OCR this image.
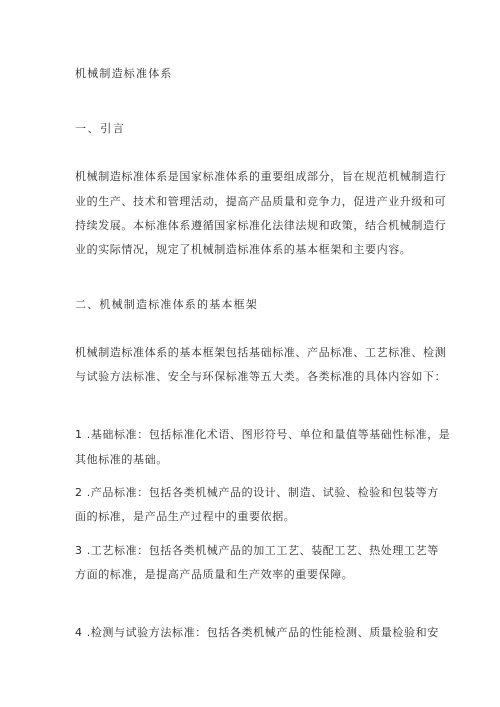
机械制造标准体系
一、引言
机械制造标准体系是国家标准体系的重要组成部分，旨在规范机械制造行
业的生产、技术和管理活动，提高产品质量和竞争力，促进产业升级和可
持续发展。本标准体系遵循国家标准化法律法规和政策，结合机械制造行
业的实际情况，规定了机械制造标准体系的基本框架和主要内容。
二、机械制造标准体系的基本框架
机械制造标准体系的基本框架包括基础标准、产品标准、工艺标准、检测
与试验方法标准、安全与环保标准等五大类。各类标准的具体内容如下：
1 .基础标准：包括标准化术语、图形符号、单位和量值等基础性标准，是
其他标准的基础。
2 .产品标准：包括各类机械产品的设计、制造、试验、检验和包装等方
面的标准，是产品生产过程中的重要依据。
3 .工艺标准：包括各类机械产品的加工工艺、装配工艺、热处理工艺等
方面的标准，是提高产品质量和生产效率的重要保障。
4 .检测与试验方法标准：包括各类机械产品的性能检测、质量检验和安
